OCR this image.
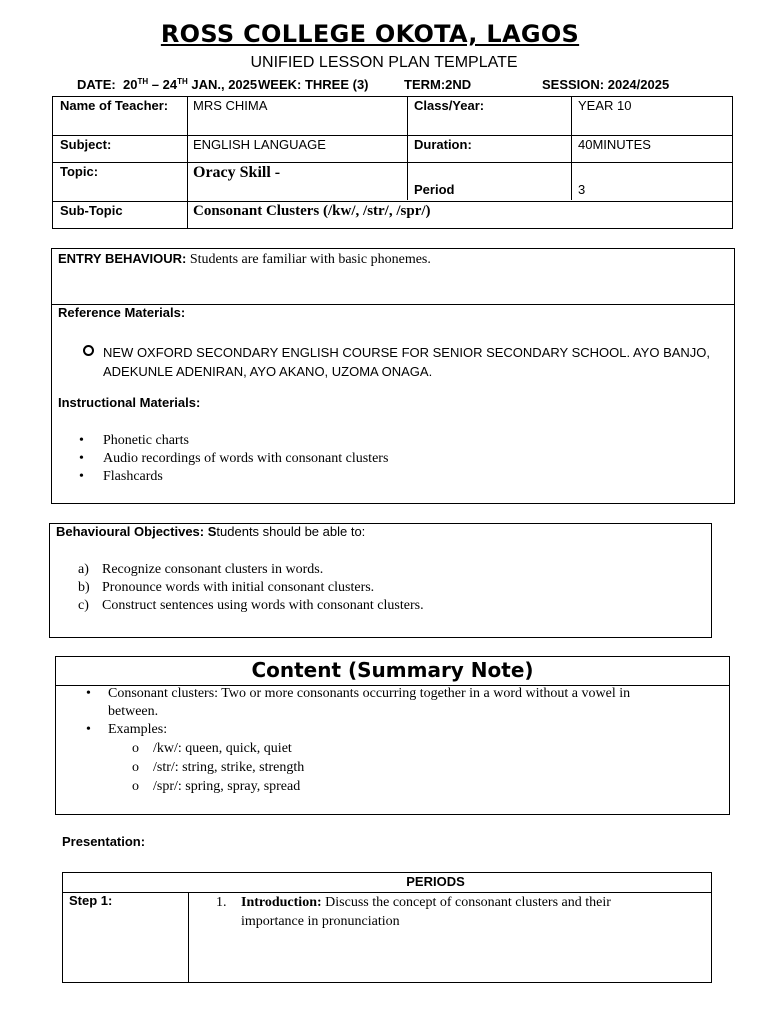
ROSS COLLEGE OKOTA, LAGOS
UNIFIED LESSON PLAN TEMPLATE
DATE: 20TH – 24TH JAN., 2025 WEEK: THREE (3)	TERM:2ND	SESSION: 2024/2025
Name of Teacher: MRS CHIMA	Class/Year:	YEAR 10
Subject:	ENGLISH LANGUAGE	Duration:	40MINUTES
Topic:	Oracy Skill -
Period	3
Sub-Topic	Consonant Clusters (/kw/, /str/, /spr/)
ENTRY BEHAVIOUR: Students are familiar with basic phonemes.
Reference Materials:
NEW OXFORD SECONDARY ENGLISH COURSE FOR SENIOR SECONDARY SCHOOL. AYO BANJO,
ADEKUNLE ADENIRAN, AYO AKANO, UZOMA ONAGA.
Instructional Materials:
• Phonetic charts
• Audio recordings of words with consonant clusters
• Flashcards
Behavioural Objectives: Students should be able to:
a) Recognize consonant clusters in words.
b) Pronounce words with initial consonant clusters.
c) Construct sentences using words with consonant clusters.
Content (Summary Note)
• Consonant clusters: Two or more consonants occurring together in a word without a vowel in
between.
• Examples:
o /kw/: queen, quick, quiet
o /str/: string, strike, strength
o /spr/: spring, spray, spread
Presentation:
PERIODS
Step 1:	1.	Introduction: Discuss the concept of consonant clusters and their
importance in pronunciation
